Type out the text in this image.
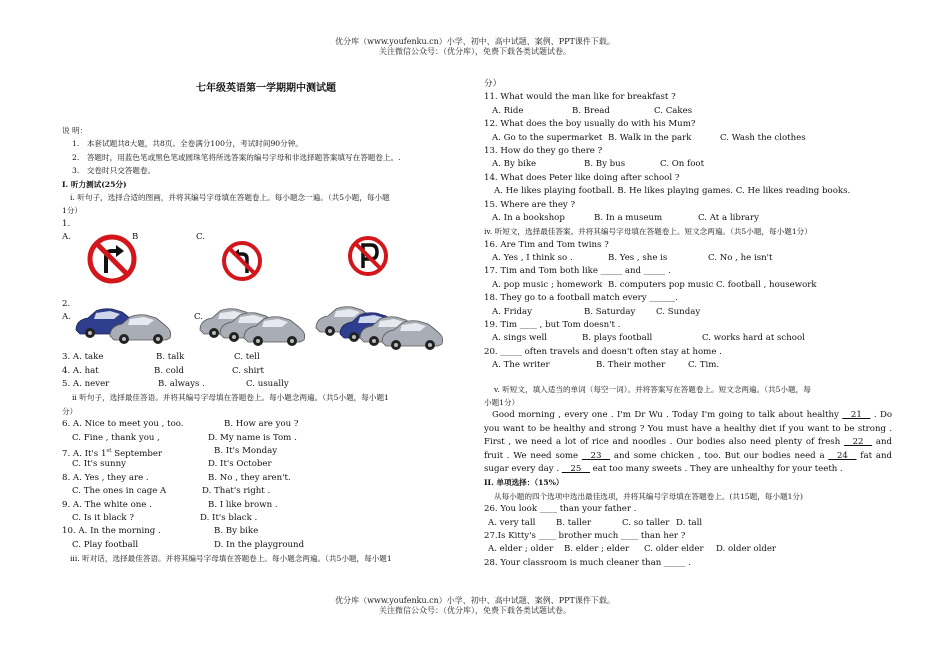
优分库（www.youfenku.cn）小学、初中、高中试题、案例、PPT课件下载。
关注微信公众号：（优分库），免费下载各类试题试卷。
优分库（www.youfenku.cn）小学、初中、高中试题、案例、PPT课件下载。
关注微信公众号：（优分库），免费下载各类试题试卷。
七年级英语第一学期期中测试题
说 明：
1.　本套试题共8大题，共8页。全卷满分100分，考试时间90分钟。
2.　答题时，用蓝色笔或黑色笔或圆珠笔将所选答案的编号字母和非选择题答案填写在答题卷上。.
3.　交卷时只交答题卷。
I. 听力测试(25分)
i. 听句子，选择合适的图画，并将其编号字母填在答题卷上。每小题念一遍。（共5小题，每小题
1分）
1.
A.	B	C.
2.
A.	C.
3. A. take	B. talk	C. tell
4. A. hat	B. cold	C. shirt
5. A. never	B. always .	C. usually
ii 听句子，选择最佳答语。并将其编号字母填在答题卷上。每小题念两遍。（共5小题，每小题1
分）
6. A. Nice to meet you , too.	B. How are you ?
C. Fine , thank you ,	D. My name is Tom .
7. A. It's 1st September	B. It's Monday
C. It's sunny	D. It's October
8. A. Yes , they are .	B. No , they aren't.
C. The ones in cage A	D. That's right .
9. A. The white one .	B. I like brown .
C. Is it black ?	D. It's black .
10. A. In the morning .	B. By bike
C. Play football	D. In the playground
iii. 听对话，选择最佳答语。并将其编号字母填在答题卷上。每小题念两遍。（共5小题，每小题1
分）
11. What would the man like for breakfast ?
A. Ride	B. Bread	C. Cakes
12. What does the boy usually do with his Mum?
A. Go to the supermarket B. Walk in the park	C. Wash the clothes
13. How do they go there ?
A. By bike	B. By bus	C. On foot
14. What does Peter like doing after school ?
A. He likes playing football. B. He likes playing games. C. He likes reading books.
15. Where are they ?
A. In a bookshop	B. In a museum	C. At a library
iv. 听短文，选择最佳答案。并将其编号字母填在答题卷上。短文念两遍。（共5小题，每小题1分）
16. Are Tim and Tom twins ?
A. Yes , I think so .	B. Yes , she is	C. No , he isn't
17. Tim and Tom both like _____ and _____ .
A. pop music ; homework B. computers pop music C. football , housework
18. They go to a football match every ______.
A. Friday	B. Saturday C. Sunday
19. Tim ____ , but Tom doesn't .
A. sings well	B. plays football	C. works hard at school
20. _____ often travels and doesn't often stay at home .
A. The writer	B. Their mother	C. Tim.
v. 听短文，填入适当的单词（每空一词）。并将答案写在答题卷上。短文念两遍。（共5小题，每
小题1分）
Good morning , every one . I'm Dr Wu . Today I'm going to talk about healthy __21__ . Do you want to be healthy and strong ? You must have a healthy diet if you want to be strong . First , we need a lot of rice and noodles . Our bodies also need plenty of fresh __22__ and fruit . We need some __23__ and some chicken , too. But our bodies need a __24__ fat and sugar every day . __25__ eat too many sweets . They are unhealthy for your teeth .
II. 单项选择：（15%）
从每小题的四个选项中选出最佳选项，并将其编号字母填在答题卷上。(共15题，每小题1分)
26. You look ____ than your father .
A. very tall B. taller	C. so taller D. tall
27.Is Kitty's ____ brother much ____ than her ?
A. elder ; older B. elder ; elder C. older elder D. older older
28. Your classroom is much cleaner than _____ .
